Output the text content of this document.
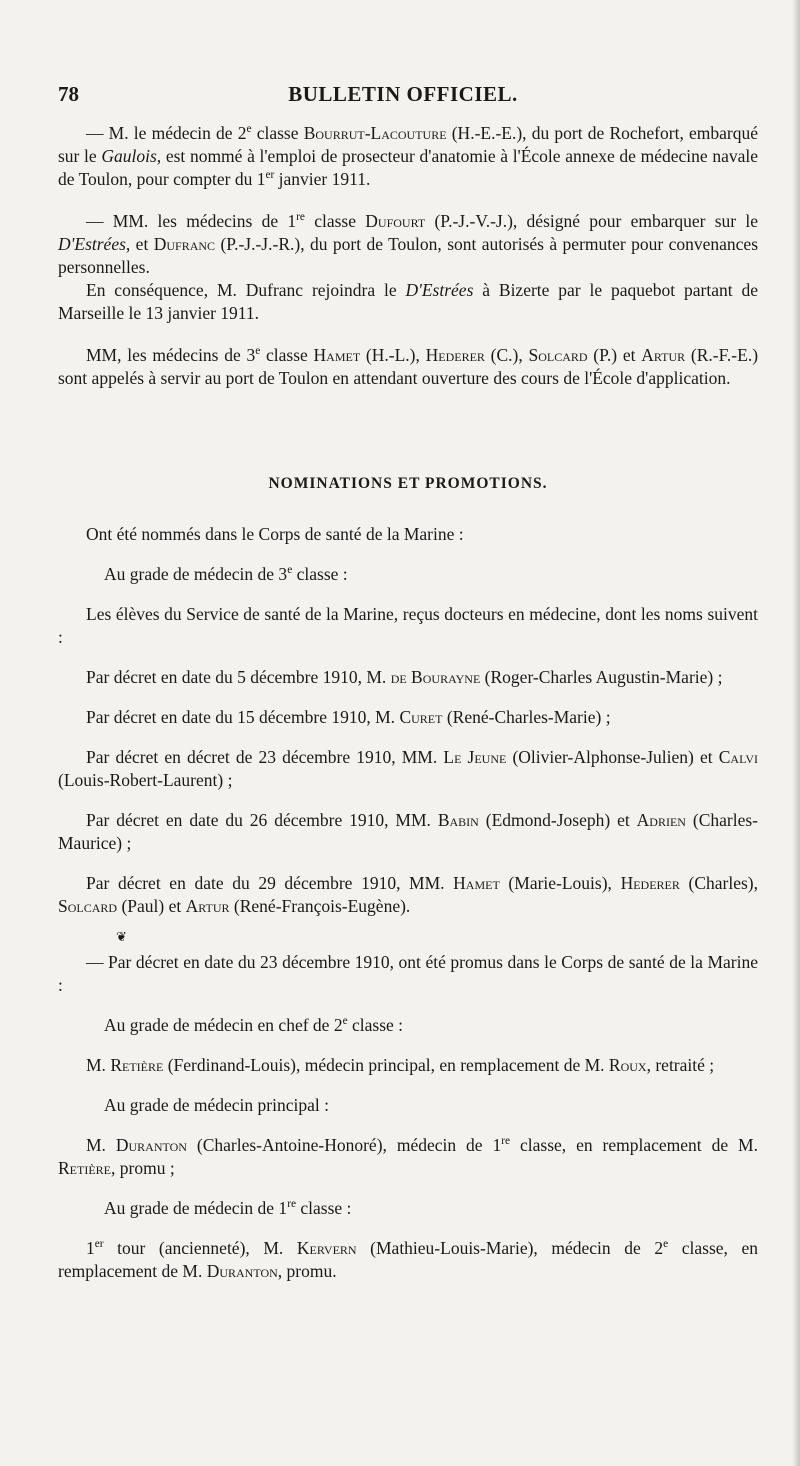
78	BULLETIN OFFICIEL.

— M. le médecin de 2e classe Bourrut-Lacouture (H.-E.-E.), du port de Rochefort, embarqué sur le Gaulois, est nommé à l'emploi de prosecteur d'anatomie à l'École annexe de médecine navale de Toulon, pour compter du 1er janvier 1911.

— MM. les médecins de 1re classe Dufourt (P.-J.-V.-J.), désigné pour embarquer sur le D'Estrées, et Dufranc (P.-J.-J.-R.), du port de Toulon, sont autorisés à permuter pour convenances personnelles.

En conséquence, M. Dufranc rejoindra le D'Estrées à Bizerte par le paquebot partant de Marseille le 13 janvier 1911.

MM, les médecins de 3e classe Hamet (H.-L.), Hederer (C.), Solcard (P.) et Artur (R.-F.-E.) sont appelés à servir au port de Toulon en attendant ouverture des cours de l'École d'application.

NOMINATIONS ET PROMOTIONS.

Ont été nommés dans le Corps de santé de la Marine :

Au grade de médecin de 3e classe :

Les élèves du Service de santé de la Marine, reçus docteurs en médecine, dont les noms suivent :

Par décret en date du 5 décembre 1910, M. de Bourayne (Roger-Charles Augustin-Marie) ;

Par décret en date du 15 décembre 1910, M. Curet (René-Charles-Marie) ;

Par décret en décret de 23 décembre 1910, MM. Le Jeune (Olivier-Alphonse-Julien) et Calvi (Louis-Robert-Laurent) ;

Par décret en date du 26 décembre 1910, MM. Babin (Edmond-Joseph) et Adrien (Charles-Maurice) ;

Par décret en date du 29 décembre 1910, MM. Hamet (Marie-Louis), Hederer (Charles), Solcard (Paul) et Artur (René-François-Eugène).

❦

— Par décret en date du 23 décembre 1910, ont été promus dans le Corps de santé de la Marine :

Au grade de médecin en chef de 2e classe :

M. Retière (Ferdinand-Louis), médecin principal, en remplacement de M. Roux, retraité ;

Au grade de médecin principal :

M. Duranton (Charles-Antoine-Honoré), médecin de 1re classe, en remplacement de M. Retière, promu ;

Au grade de médecin de 1re classe :

1er tour (ancienneté), M. Kervern (Mathieu-Louis-Marie), médecin de 2e classe, en remplacement de M. Duranton, promu.
